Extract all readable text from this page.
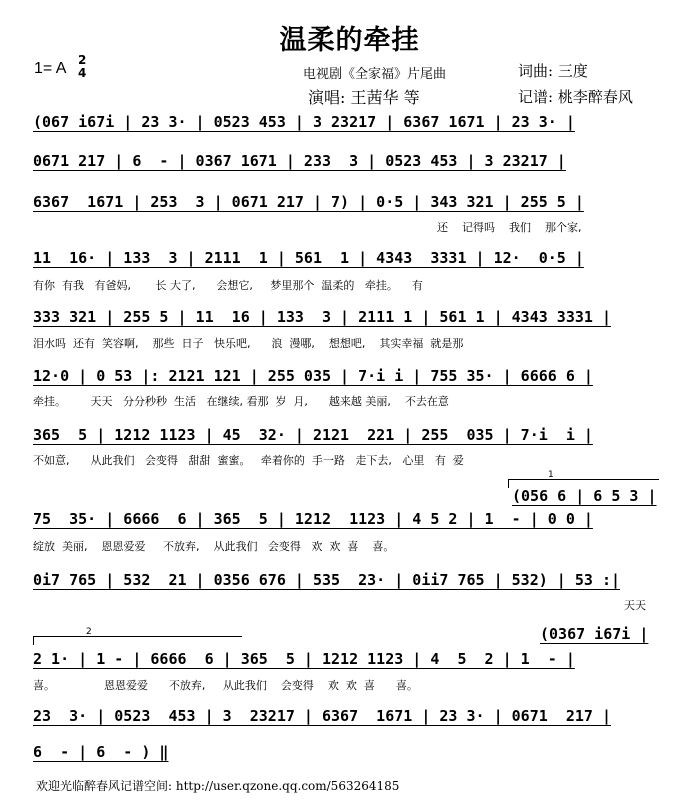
温柔的牵挂
1= A 2
4	电视剧《全家福》片尾曲
演唱: 王茜华 等
词曲: 三度
记谱: 桃李醉春风
(067 i67i | 23 3· | 0523 453 | 3 23217 | 6367 1671 | 23 3· |
0671 217 | 6  - | 0367 1671 | 233  3 | 0523 453 | 3 23217 |
6367  1671 | 253  3 | 0671 217 | 7) | 0·5 | 343 321 | 255 5 |
还    记得吗    我们    那个家,
11  16· | 133  3 | 2111  1 | 561  1 | 4343  3331 | 12·  0·5 |
有你  有我   有爸妈,       长 大了,      会想它,     梦里那个  温柔的   牵挂。    有
333 321 | 255 5 | 11  16 | 133  3 | 2111 1 | 561 1 | 4343 3331 |
泪水吗  还有  笑容啊,    那些  日子   快乐吧,      浪  漫哪,    想想吧,    其实幸福  就是那
12·0 | 0 53 |: 2121 121 | 255 035 | 7·i i | 755 35· | 6666 6 |
牵挂。       天天   分分秒秒  生活   在继续, 看那  岁  月,      越来越 美丽,    不去在意
365  5 | 1212 1123 | 45  32· | 2121  221 | 255  035 | 7·i  i |
不如意,      从此我们   会变得   甜甜  蜜蜜。   牵着你的  手一路   走下去,   心里   有  爱
1
(056 6 | 6 5 3 |
75  35· | 6666  6 | 365  5 | 1212  1123 | 4 5 2 | 1  - | 0 0 |
绽放  美丽,    恩恩爱爱     不放弃,    从此我们   会变得   欢  欢  喜    喜。
0i7 765 | 532  21 | 0356 676 | 535  23· | 0ii7 765 | 532) | 53 :|
天天
2	(0367 i67i |
2 1· | 1 - | 6666  6 | 365  5 | 1212 1123 | 4  5  2 | 1  - |
喜。              恩恩爱爱      不放弃,     从此我们    会变得    欢  欢  喜      喜。
23  3· | 0523  453 | 3  23217 | 6367  1671 | 23 3· | 0671  217 |
6  - | 6  - ) ‖
欢迎光临醉春风记谱空间: http://user.qzone.qq.com/563264185
